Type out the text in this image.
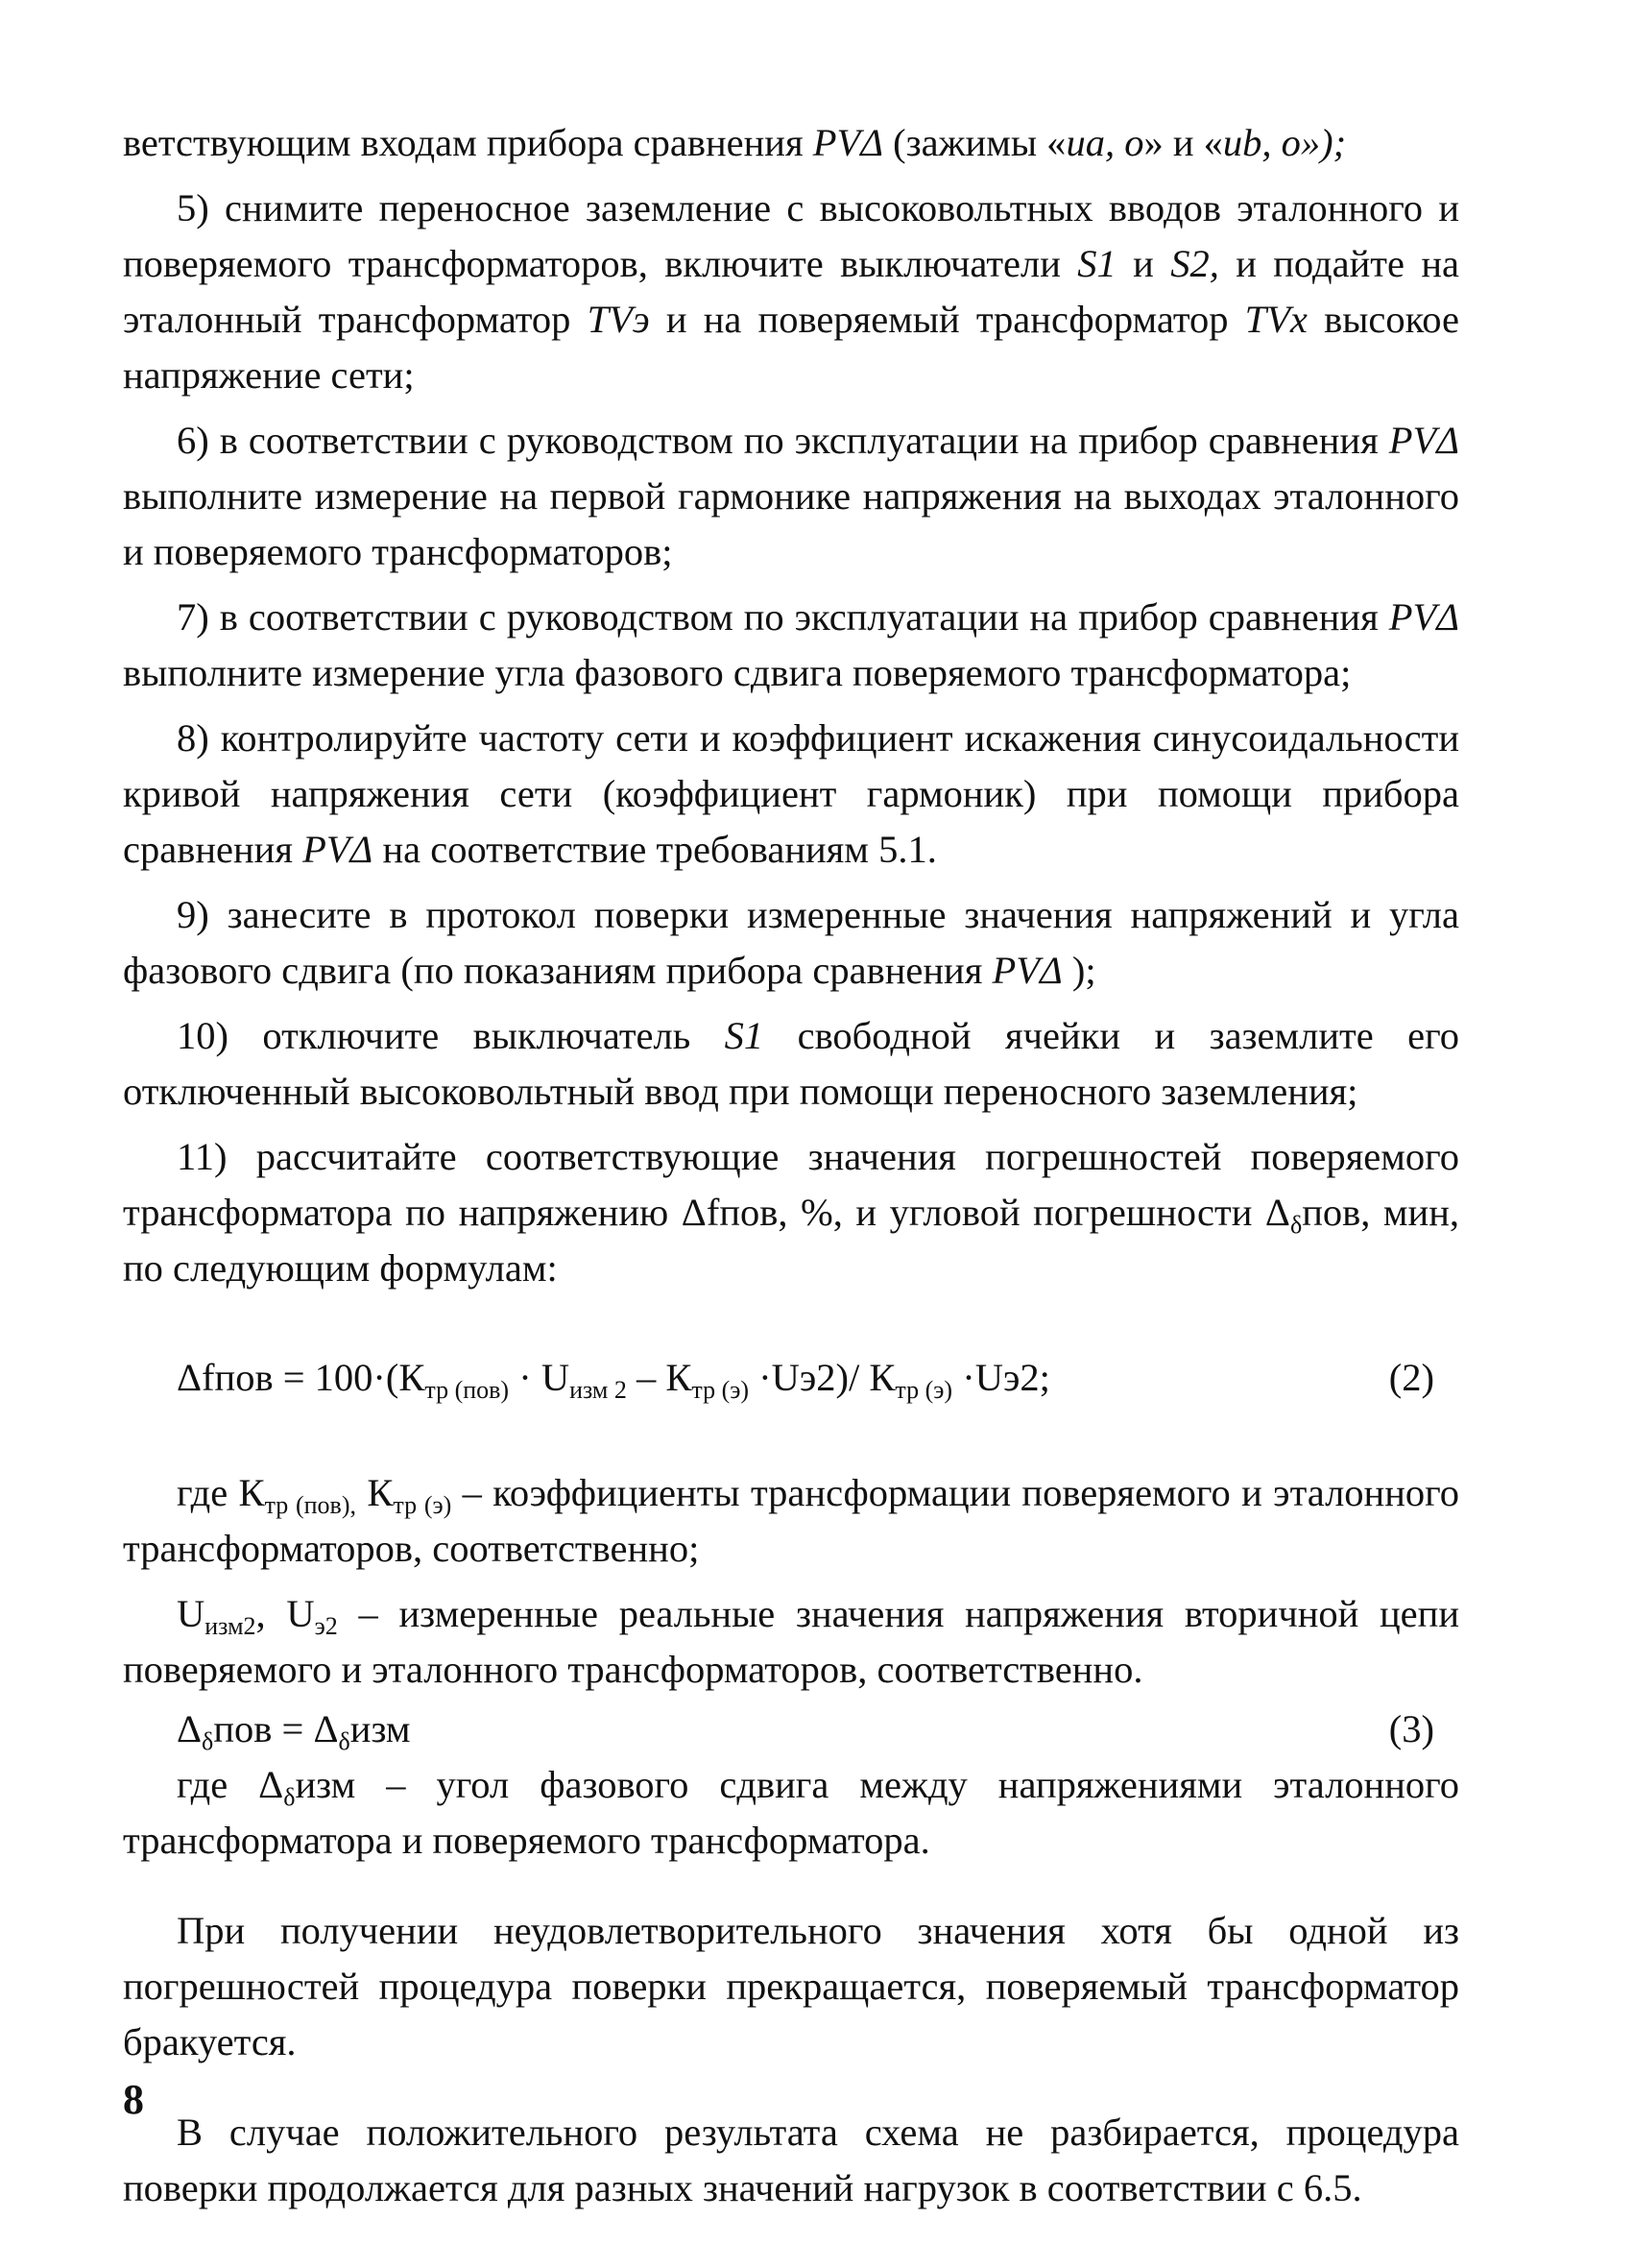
ветствующим входам прибора сравнения PVΔ (зажимы «uа, о» и «ub, о»);

5) снимите переносное заземление с высоковольтных вводов эталонного и поверяемого трансформаторов, включите выключатели S1 и S2, и подайте на эталонный трансформатор TVэ и на поверяемый трансформатор TVх высокое напряжение сети;

6) в соответствии с руководством по эксплуатации на прибор сравнения PVΔ выполните измерение на первой гармонике напряжения на выходах эталонного и поверяемого трансформаторов;

7) в соответствии с руководством по эксплуатации на прибор сравнения PVΔ выполните измерение угла фазового сдвига поверяемого трансформатора;

8) контролируйте частоту сети и коэффициент искажения синусоидальности кривой напряжения сети (коэффициент гармоник) при помощи прибора сравнения PVΔ на соответствие требованиям 5.1.

9) занесите в протокол поверки измеренные значения напряжений и угла фазового сдвига (по показаниям прибора сравнения PVΔ );

10) отключите выключатель S1 свободной ячейки и заземлите его отключенный высоковольтный ввод при помощи переносного заземления;

11) рассчитайте соответствующие значения погрешностей поверяемого трансформатора по напряжению Δfпов, %, и угловой погрешности $\Delta_\delta пов$, мин, по следующим формулам:

Δfпов = $100\cdot(К_{тр (пов)} \cdot U_{изм 2} - К_{тр (э)} \cdot Uэ2)/$ $К_{тр (э)} \cdot Uэ2$;	(2)

где $К_{тр (пов),}$ $К_{тр (э)}$ – коэффициенты трансформации поверяемого и эталонного трансформаторов, соответственно;

$U_{изм2}$, $U_{э2}$ – измеренные реальные значения напряжения вторичной цепи поверяемого и эталонного трансформаторов, соответственно.

$\Delta_\delta пов = \Delta_\delta изм$	(3)

где $\Delta_\delta изм$ – угол фазового сдвига между напряжениями эталонного трансформатора и поверяемого трансформатора.

При получении неудовлетворительного значения хотя бы одной из погрешностей процедура поверки прекращается, поверяемый трансформатор бракуется.

В случае положительного результата схема не разбирается, процедура поверки продолжается для разных значений нагрузок в соответствии с 6.5.

8
